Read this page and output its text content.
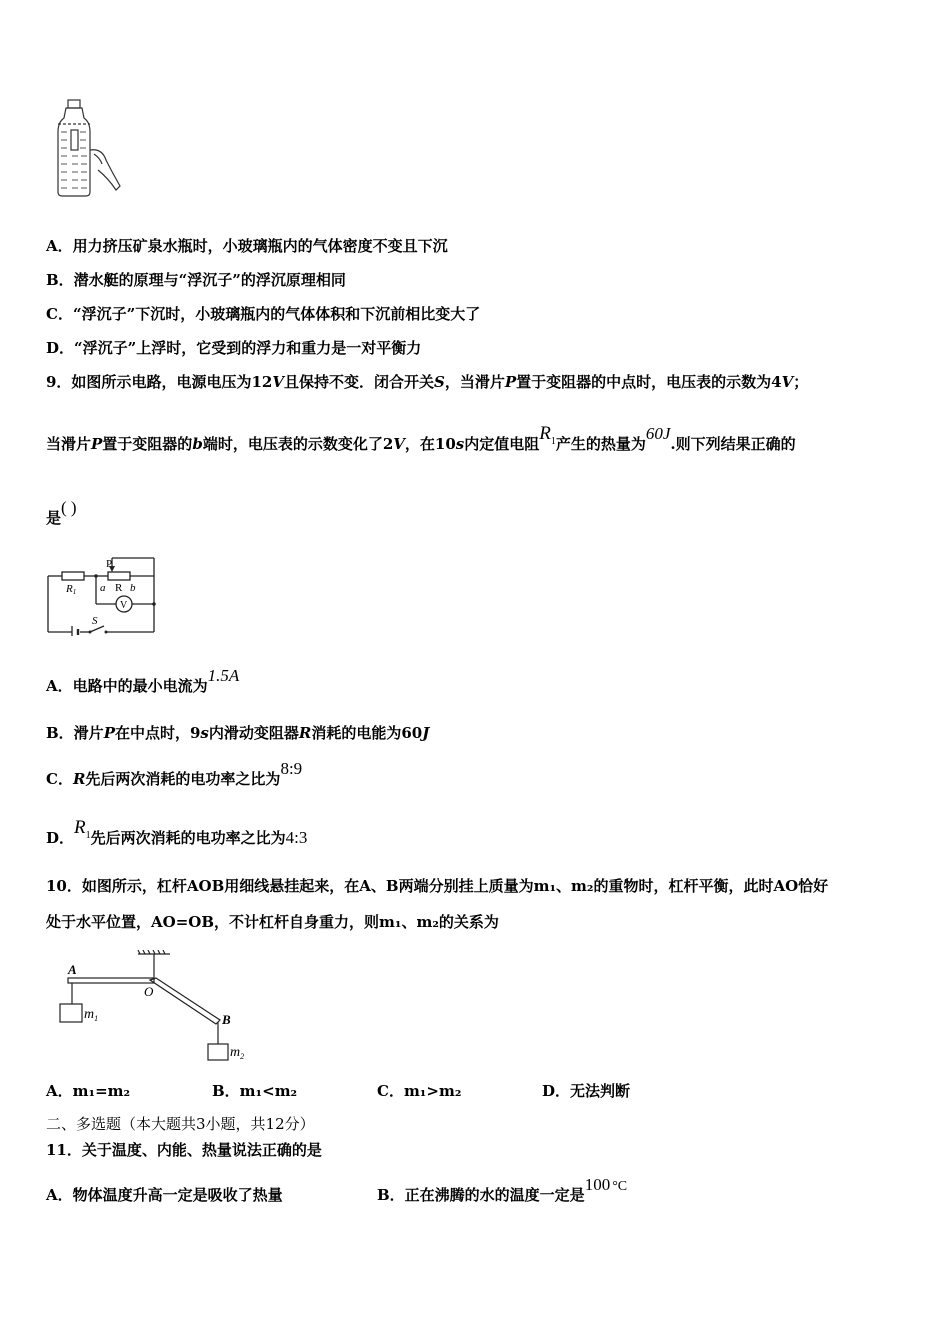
A．用力挤压矿泉水瓶时，小玻璃瓶内的气体密度不变且下沉
B．潜水艇的原理与“浮沉子”的浮沉原理相同
C．“浮沉子”下沉时，小玻璃瓶内的气体体积和下沉前相比变大了
D．“浮沉子”上浮时，它受到的浮力和重力是一对平衡力
9．如图所示电路，电源电压为12V且保持不变．闭合开关S，当滑片P置于变阻器的中点时，电压表的示数为4V；
当滑片P置于变阻器的b端时，电压表的示数变化了2V，在10s内定值电阻$R_1$产生的热量为60J.则下列结果正确的
是( )
R1
P
a R b
V
S
A．电路中的最小电流为1.5A
B．滑片P在中点时，9s内滑动变阻器R消耗的电能为60J
C．R先后两次消耗的电功率之比为8:9
D．$R_1$先后两次消耗的电功率之比为4:3
10．如图所示，杠杆AOB用细线悬挂起来，在A、B两端分别挂上质量为m₁、m₂的重物时，杠杆平衡，此时AO恰好
处于水平位置，AO=OB，不计杠杆自身重力，则m₁、m₂的关系为
A
O
B
$m_1$
$m_2$
A．m₁=m₂	B．m₁<m₂	C．m₁>m₂	D．无法判断
二、多选题（本大题共3小题，共12分）
11．关于温度、内能、热量说法正确的是
A．物体温度升高一定是吸收了热量	B．正在沸腾的水的温度一定是100 °C
